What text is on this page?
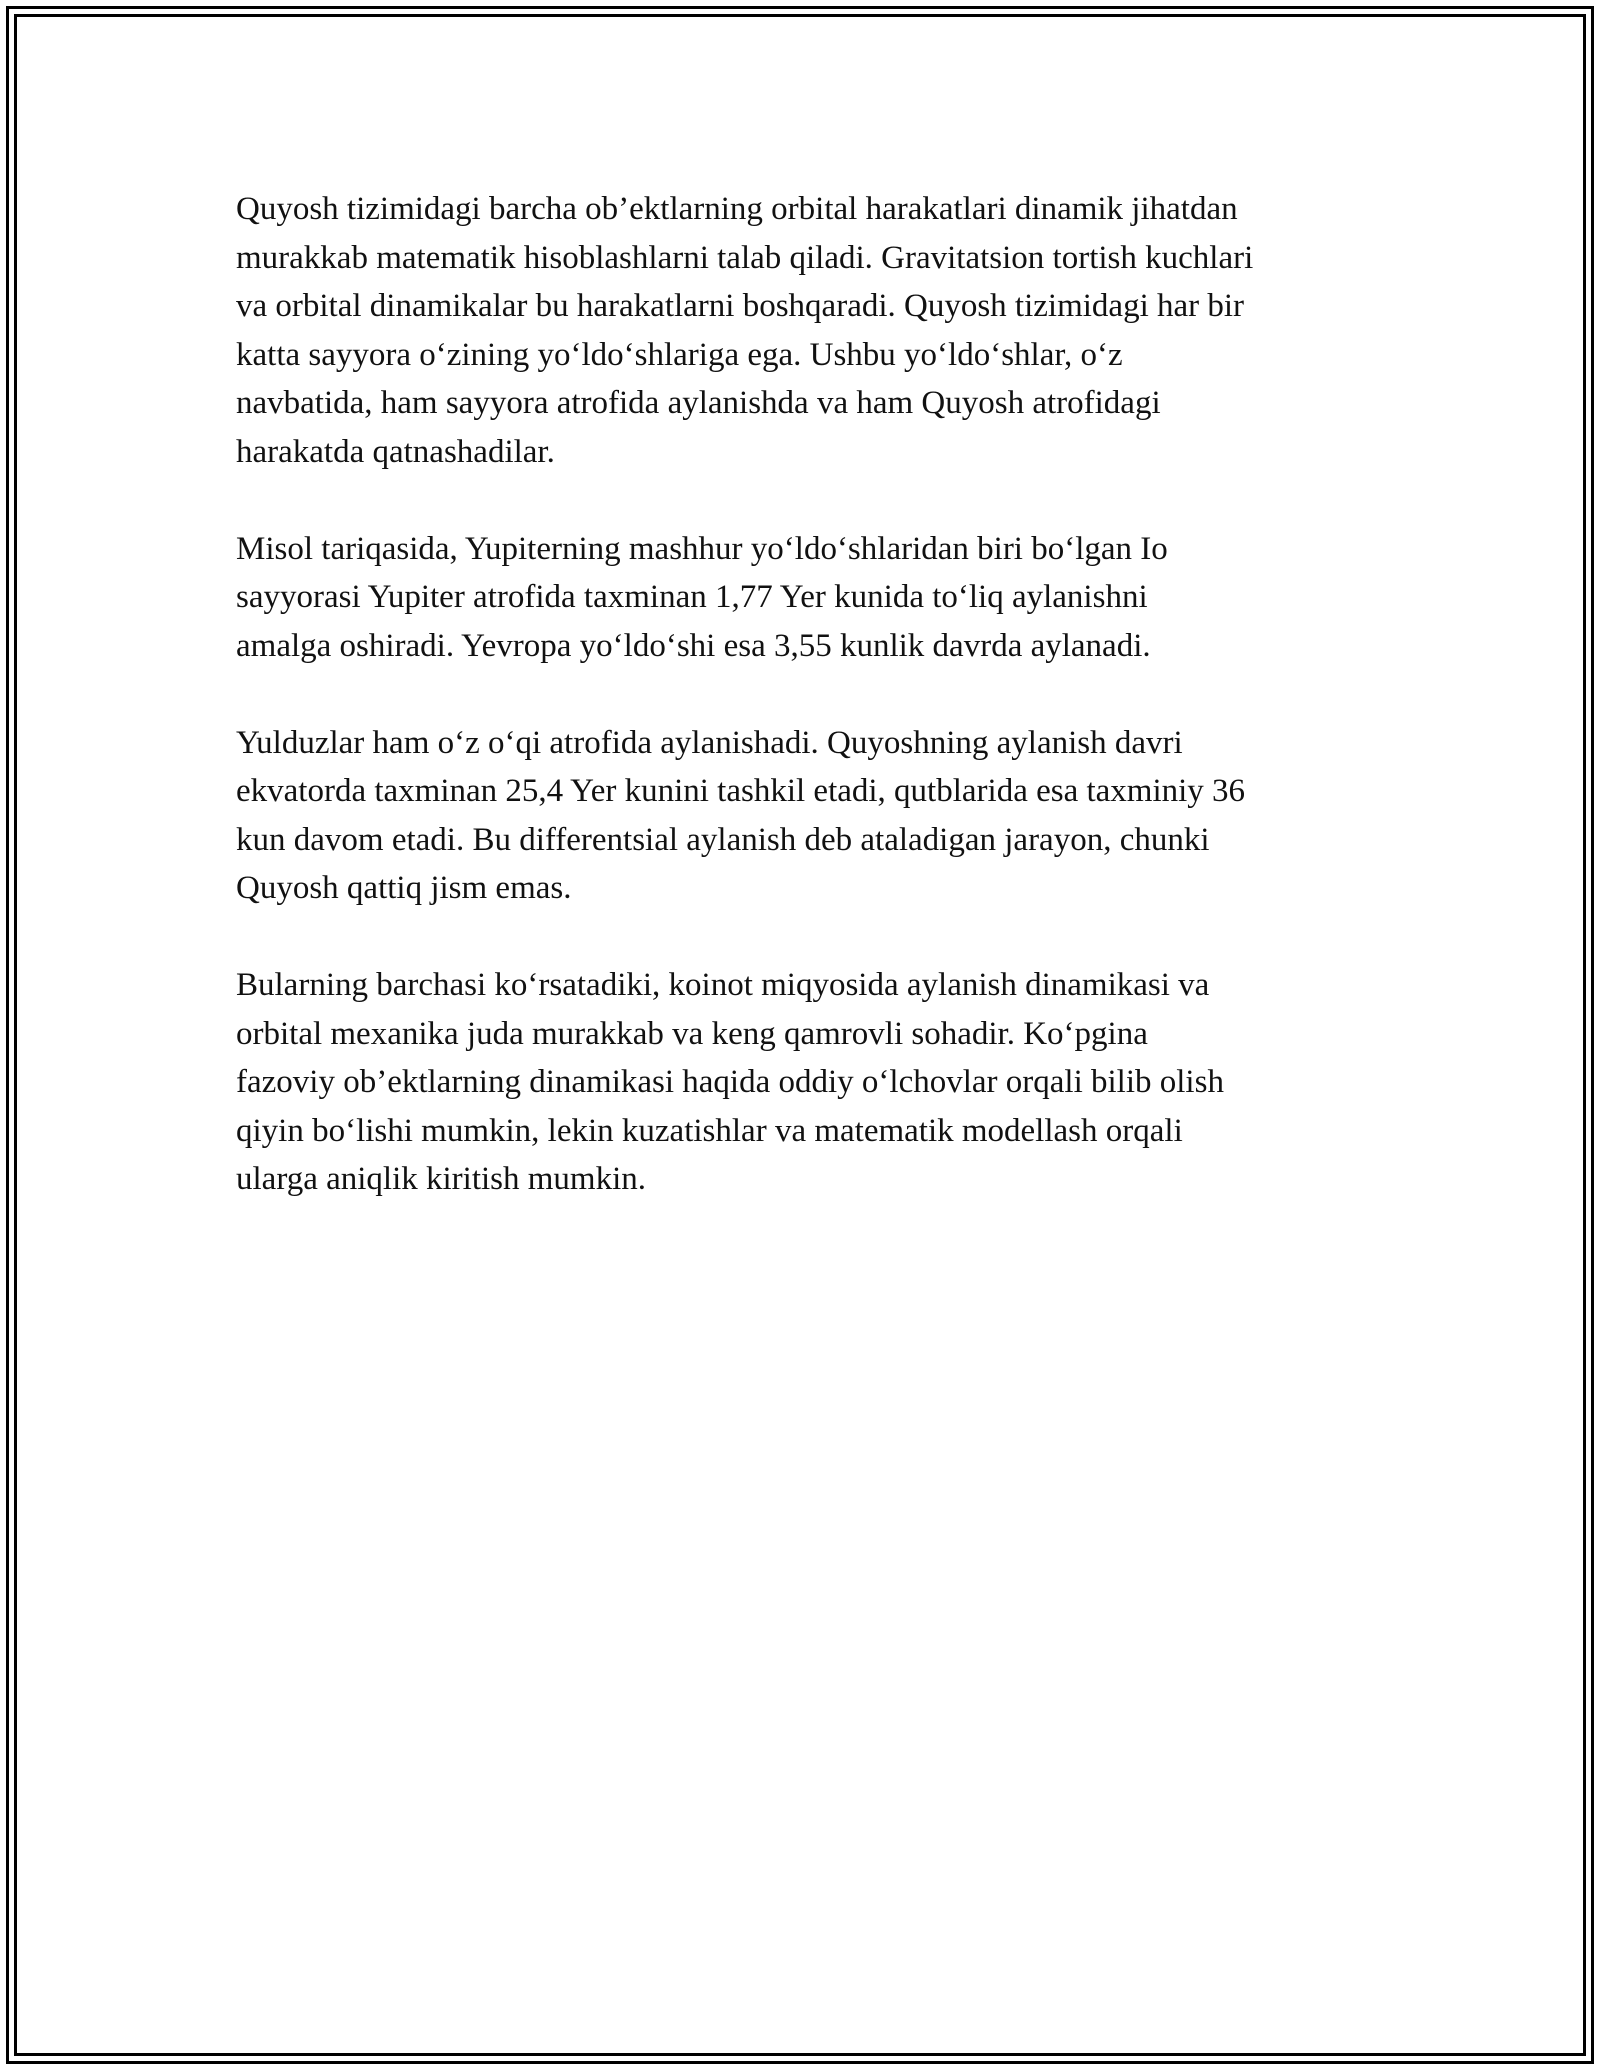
Quyosh tizimidagi barcha ob’ektlarning orbital harakatlari dinamik jihatdan
murakkab matematik hisoblashlarni talab qiladi. Gravitatsion tortish kuchlari
va orbital dinamikalar bu harakatlarni boshqaradi. Quyosh tizimidagi har bir
katta sayyora o‘zining yo‘ldo‘shlariga ega. Ushbu yo‘ldo‘shlar, o‘z
navbatida, ham sayyora atrofida aylanishda va ham Quyosh atrofidagi
harakatda qatnashadilar.

Misol tariqasida, Yupiterning mashhur yo‘ldo‘shlaridan biri bo‘lgan Io
sayyorasi Yupiter atrofida taxminan 1,77 Yer kunida to‘liq aylanishni
amalga oshiradi. Yevropa yo‘ldo‘shi esa 3,55 kunlik davrda aylanadi.

Yulduzlar ham o‘z o‘qi atrofida aylanishadi. Quyoshning aylanish davri
ekvatorda taxminan 25,4 Yer kunini tashkil etadi, qutblarida esa taxminiy 36
kun davom etadi. Bu differentsial aylanish deb ataladigan jarayon, chunki
Quyosh qattiq jism emas.

Bularning barchasi ko‘rsatadiki, koinot miqyosida aylanish dinamikasi va
orbital mexanika juda murakkab va keng qamrovli sohadir. Ko‘pgina
fazoviy ob’ektlarning dinamikasi haqida oddiy o‘lchovlar orqali bilib olish
qiyin bo‘lishi mumkin, lekin kuzatishlar va matematik modellash orqali
ularga aniqlik kiritish mumkin.
